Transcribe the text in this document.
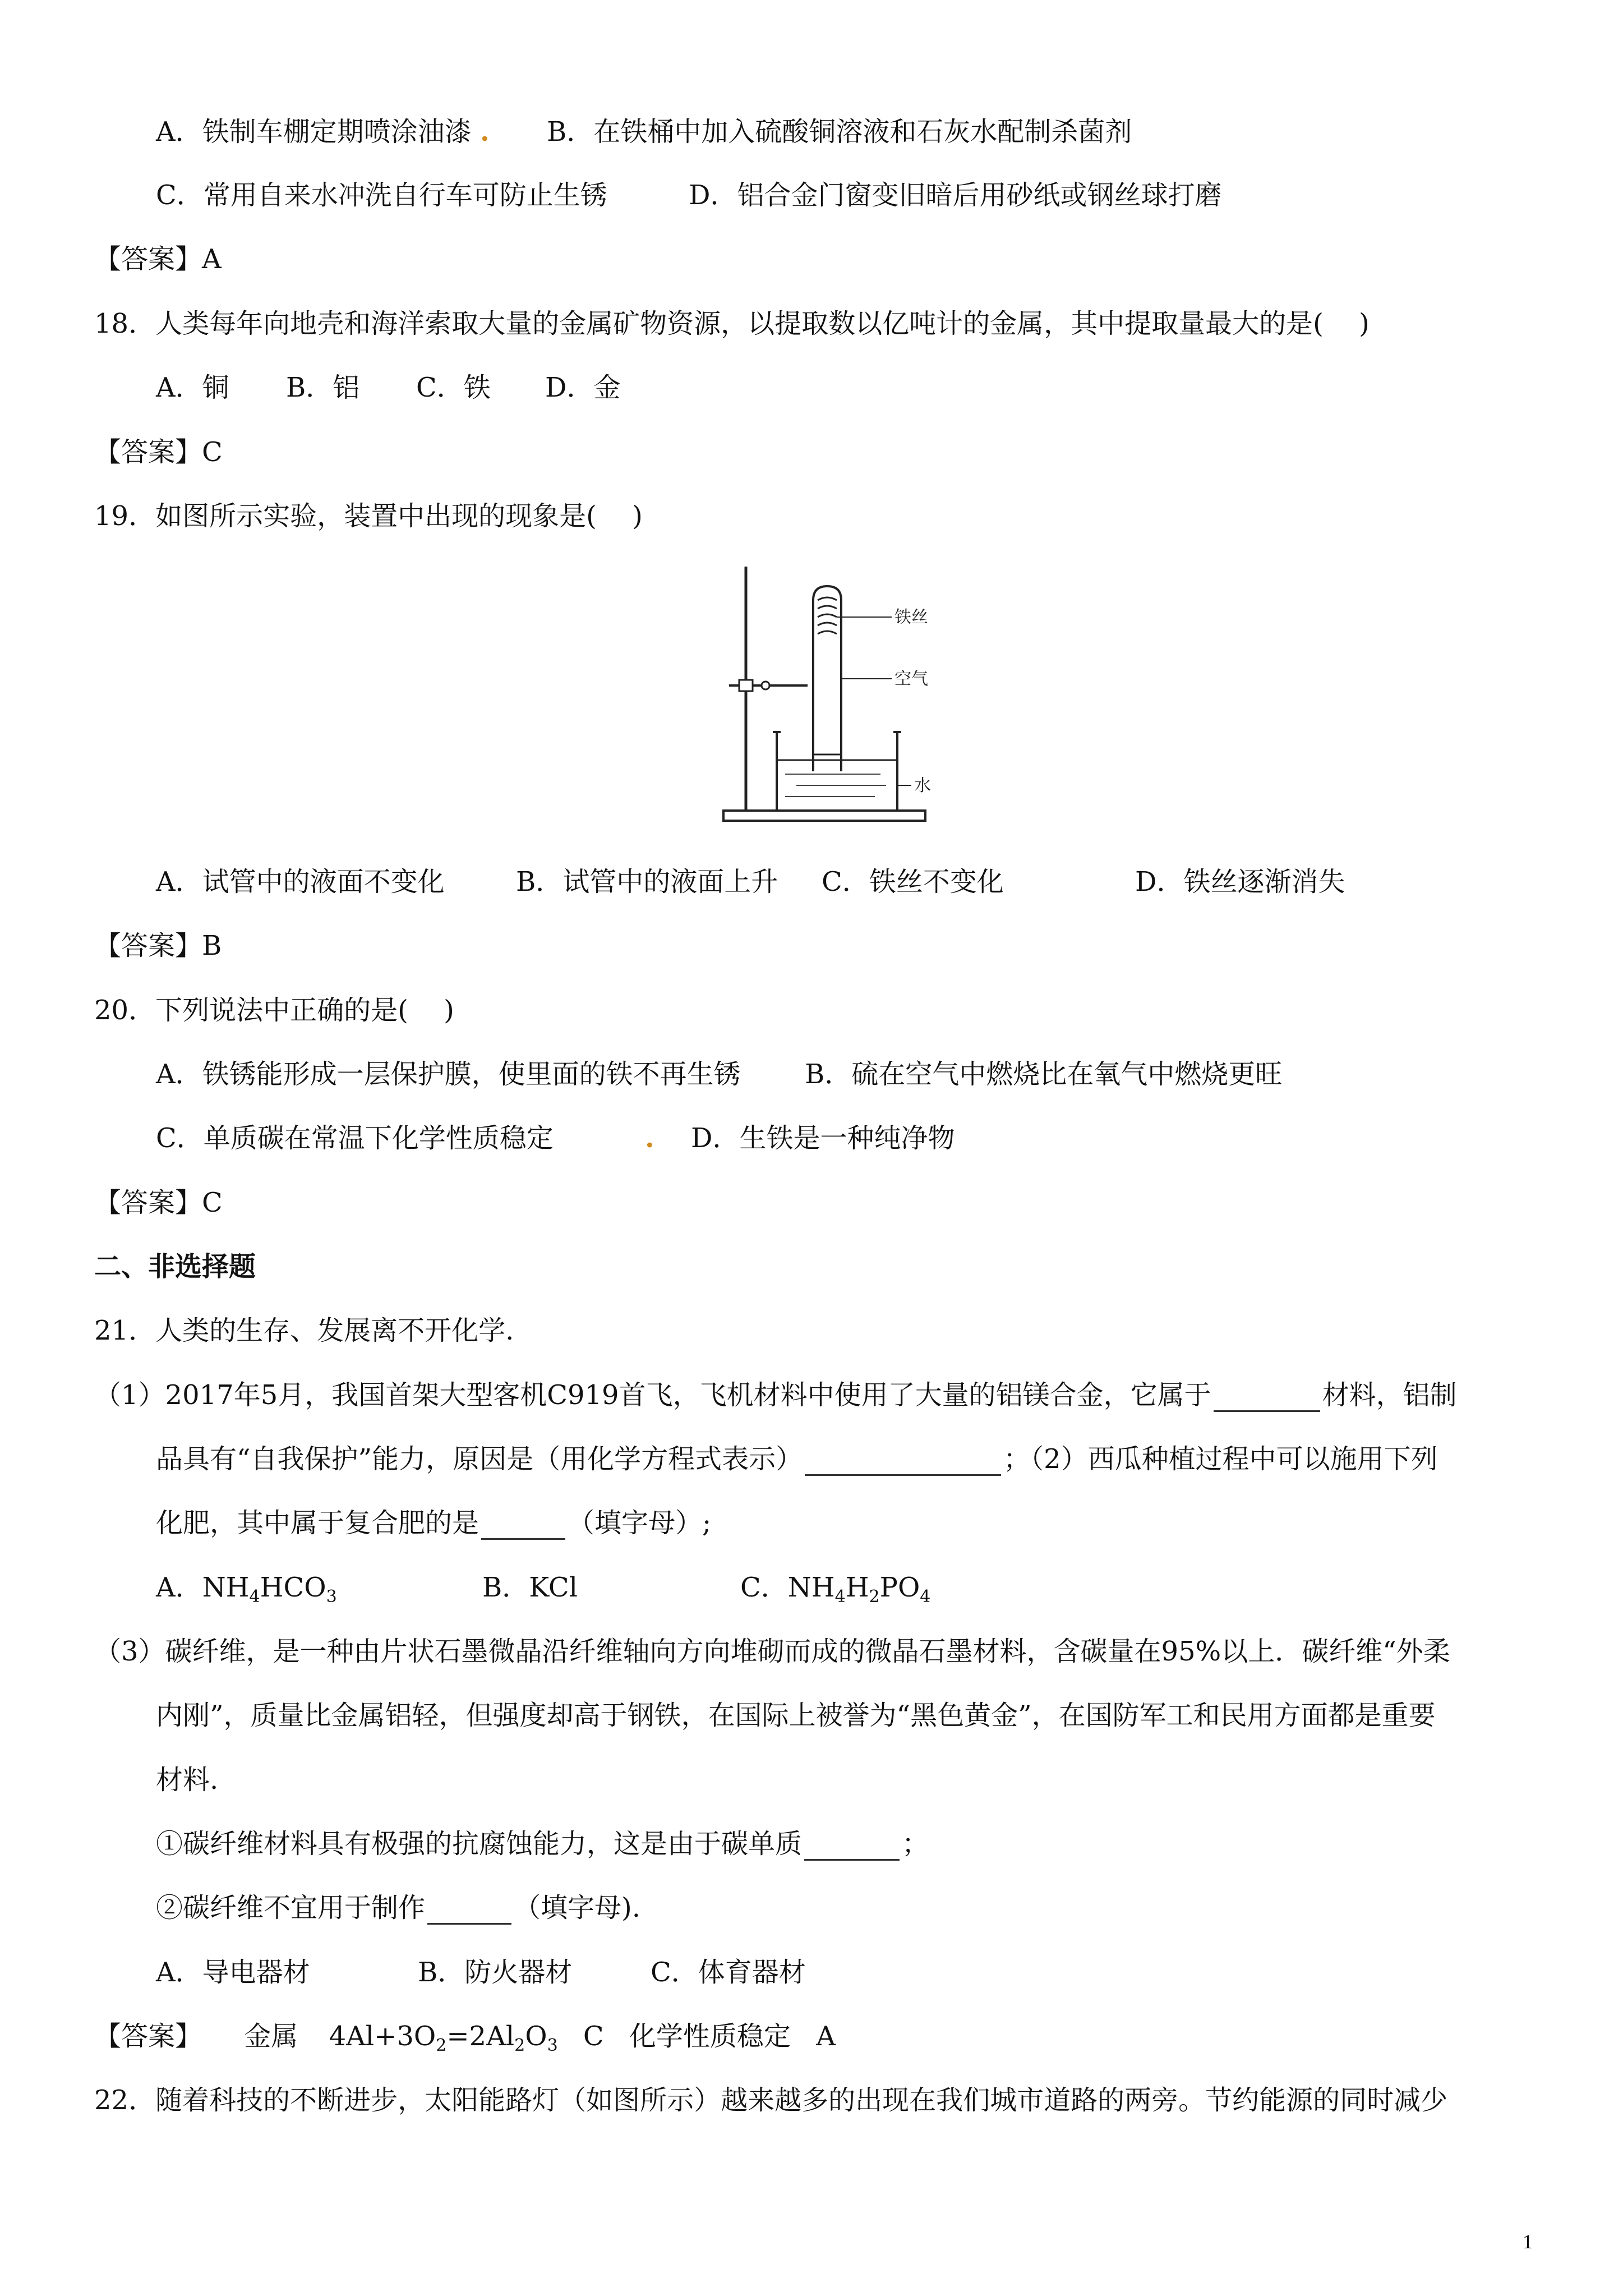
A．铁制车棚定期喷涂油漆 . B．在铁桶中加入硫酸铜溶液和石灰水配制杀菌剂
C．常用自来水冲洗自行车可防止生锈	D．铝合金门窗变旧暗后用砂纸或钢丝球打磨
【答案】A
18．人类每年向地壳和海洋索取大量的金属矿物资源，以提取数以亿吨计的金属，其中提取量最大的是(　 )
A．铜 B．铝 C．铁 D．金
【答案】C
19．如图所示实验，装置中出现的现象是(　 )
铁丝
空气
水
A．试管中的液面不变化	B．试管中的液面上升 C．铁丝不变化	D．铁丝逐渐消失
【答案】B
20．下列说法中正确的是(　 )
A．铁锈能形成一层保护膜，使里面的铁不再生锈 B．硫在空气中燃烧比在氧气中燃烧更旺
C．单质碳在常温下化学性质稳定	. D．生铁是一种纯净物
【答案】C
二、非选择题
21．人类的生存、发展离不开化学.
（1）2017年5月，我国首架大型客机C919首飞，飞机材料中使用了大量的铝镁合金，它属于	材料，铝制
品具有“自我保护”能力，原因是（用化学方程式表示）	；（2）西瓜种植过程中可以施用下列
化肥，其中属于复合肥的是	（填字母）;
A．$NH_4HCO_3$	B．KCl	C．$NH_4H_2PO_4$
（3）碳纤维，是一种由片状石墨微晶沿纤维轴向方向堆砌而成的微晶石墨材料，含碳量在95%以上．碳纤维“外柔
内刚”，质量比金属铝轻，但强度却高于钢铁，在国际上被誉为“黑色黄金”，在国防军工和民用方面都是重要
材料.
①碳纤维材料具有极强的抗腐蚀能力，这是由于碳单质	；
②碳纤维不宜用于制作	（填字母).
A．导电器材	B．防火器材	C．体育器材
【答案】 金属 $4Al+3O_2=2Al_2O_3$ C 化学性质稳定 A
22．随着科技的不断进步，太阳能路灯（如图所示）越来越多的出现在我们城市道路的两旁。节约能源的同时减少
1
